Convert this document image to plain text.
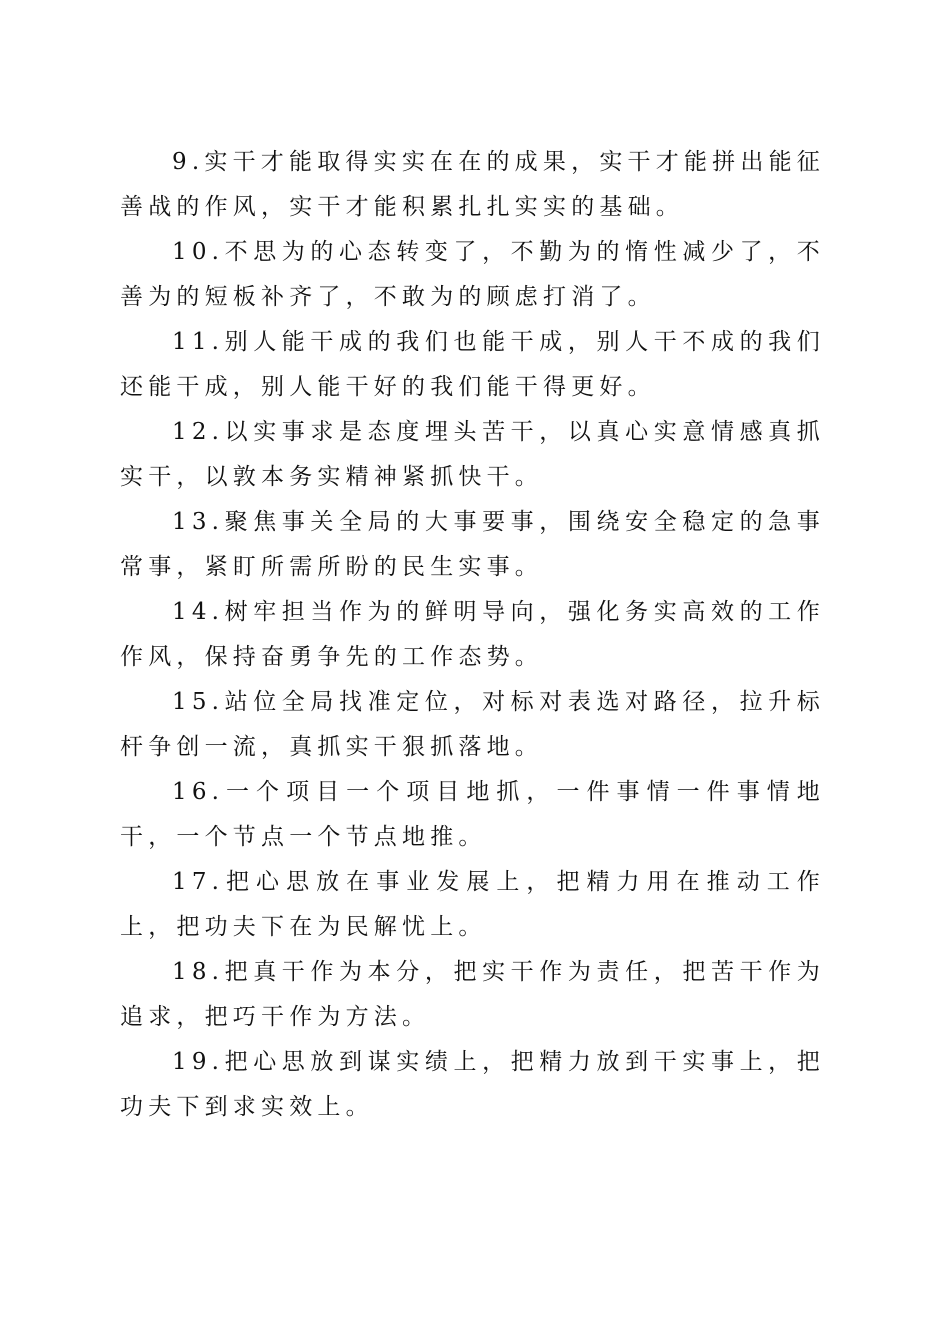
9.实干才能取得实实在在的成果，实干才能拼出能征善战的作风，实干才能积累扎扎实实的基础。

10.不思为的心态转变了，不勤为的惰性减少了，不善为的短板补齐了，不敢为的顾虑打消了。

11.别人能干成的我们也能干成，别人干不成的我们还能干成，别人能干好的我们能干得更好。

12.以实事求是态度埋头苦干，以真心实意情感真抓实干，以敦本务实精神紧抓快干。

13.聚焦事关全局的大事要事，围绕安全稳定的急事常事，紧盯所需所盼的民生实事。

14.树牢担当作为的鲜明导向，强化务实高效的工作作风，保持奋勇争先的工作态势。

15.站位全局找准定位，对标对表选对路径，拉升标杆争创一流，真抓实干狠抓落地。

16.一个项目一个项目地抓，一件事情一件事情地干，一个节点一个节点地推。

17.把心思放在事业发展上，把精力用在推动工作上，把功夫下在为民解忧上。

18.把真干作为本分，把实干作为责任，把苦干作为追求，把巧干作为方法。

19.把心思放到谋实绩上，把精力放到干实事上，把功夫下到求实效上。
